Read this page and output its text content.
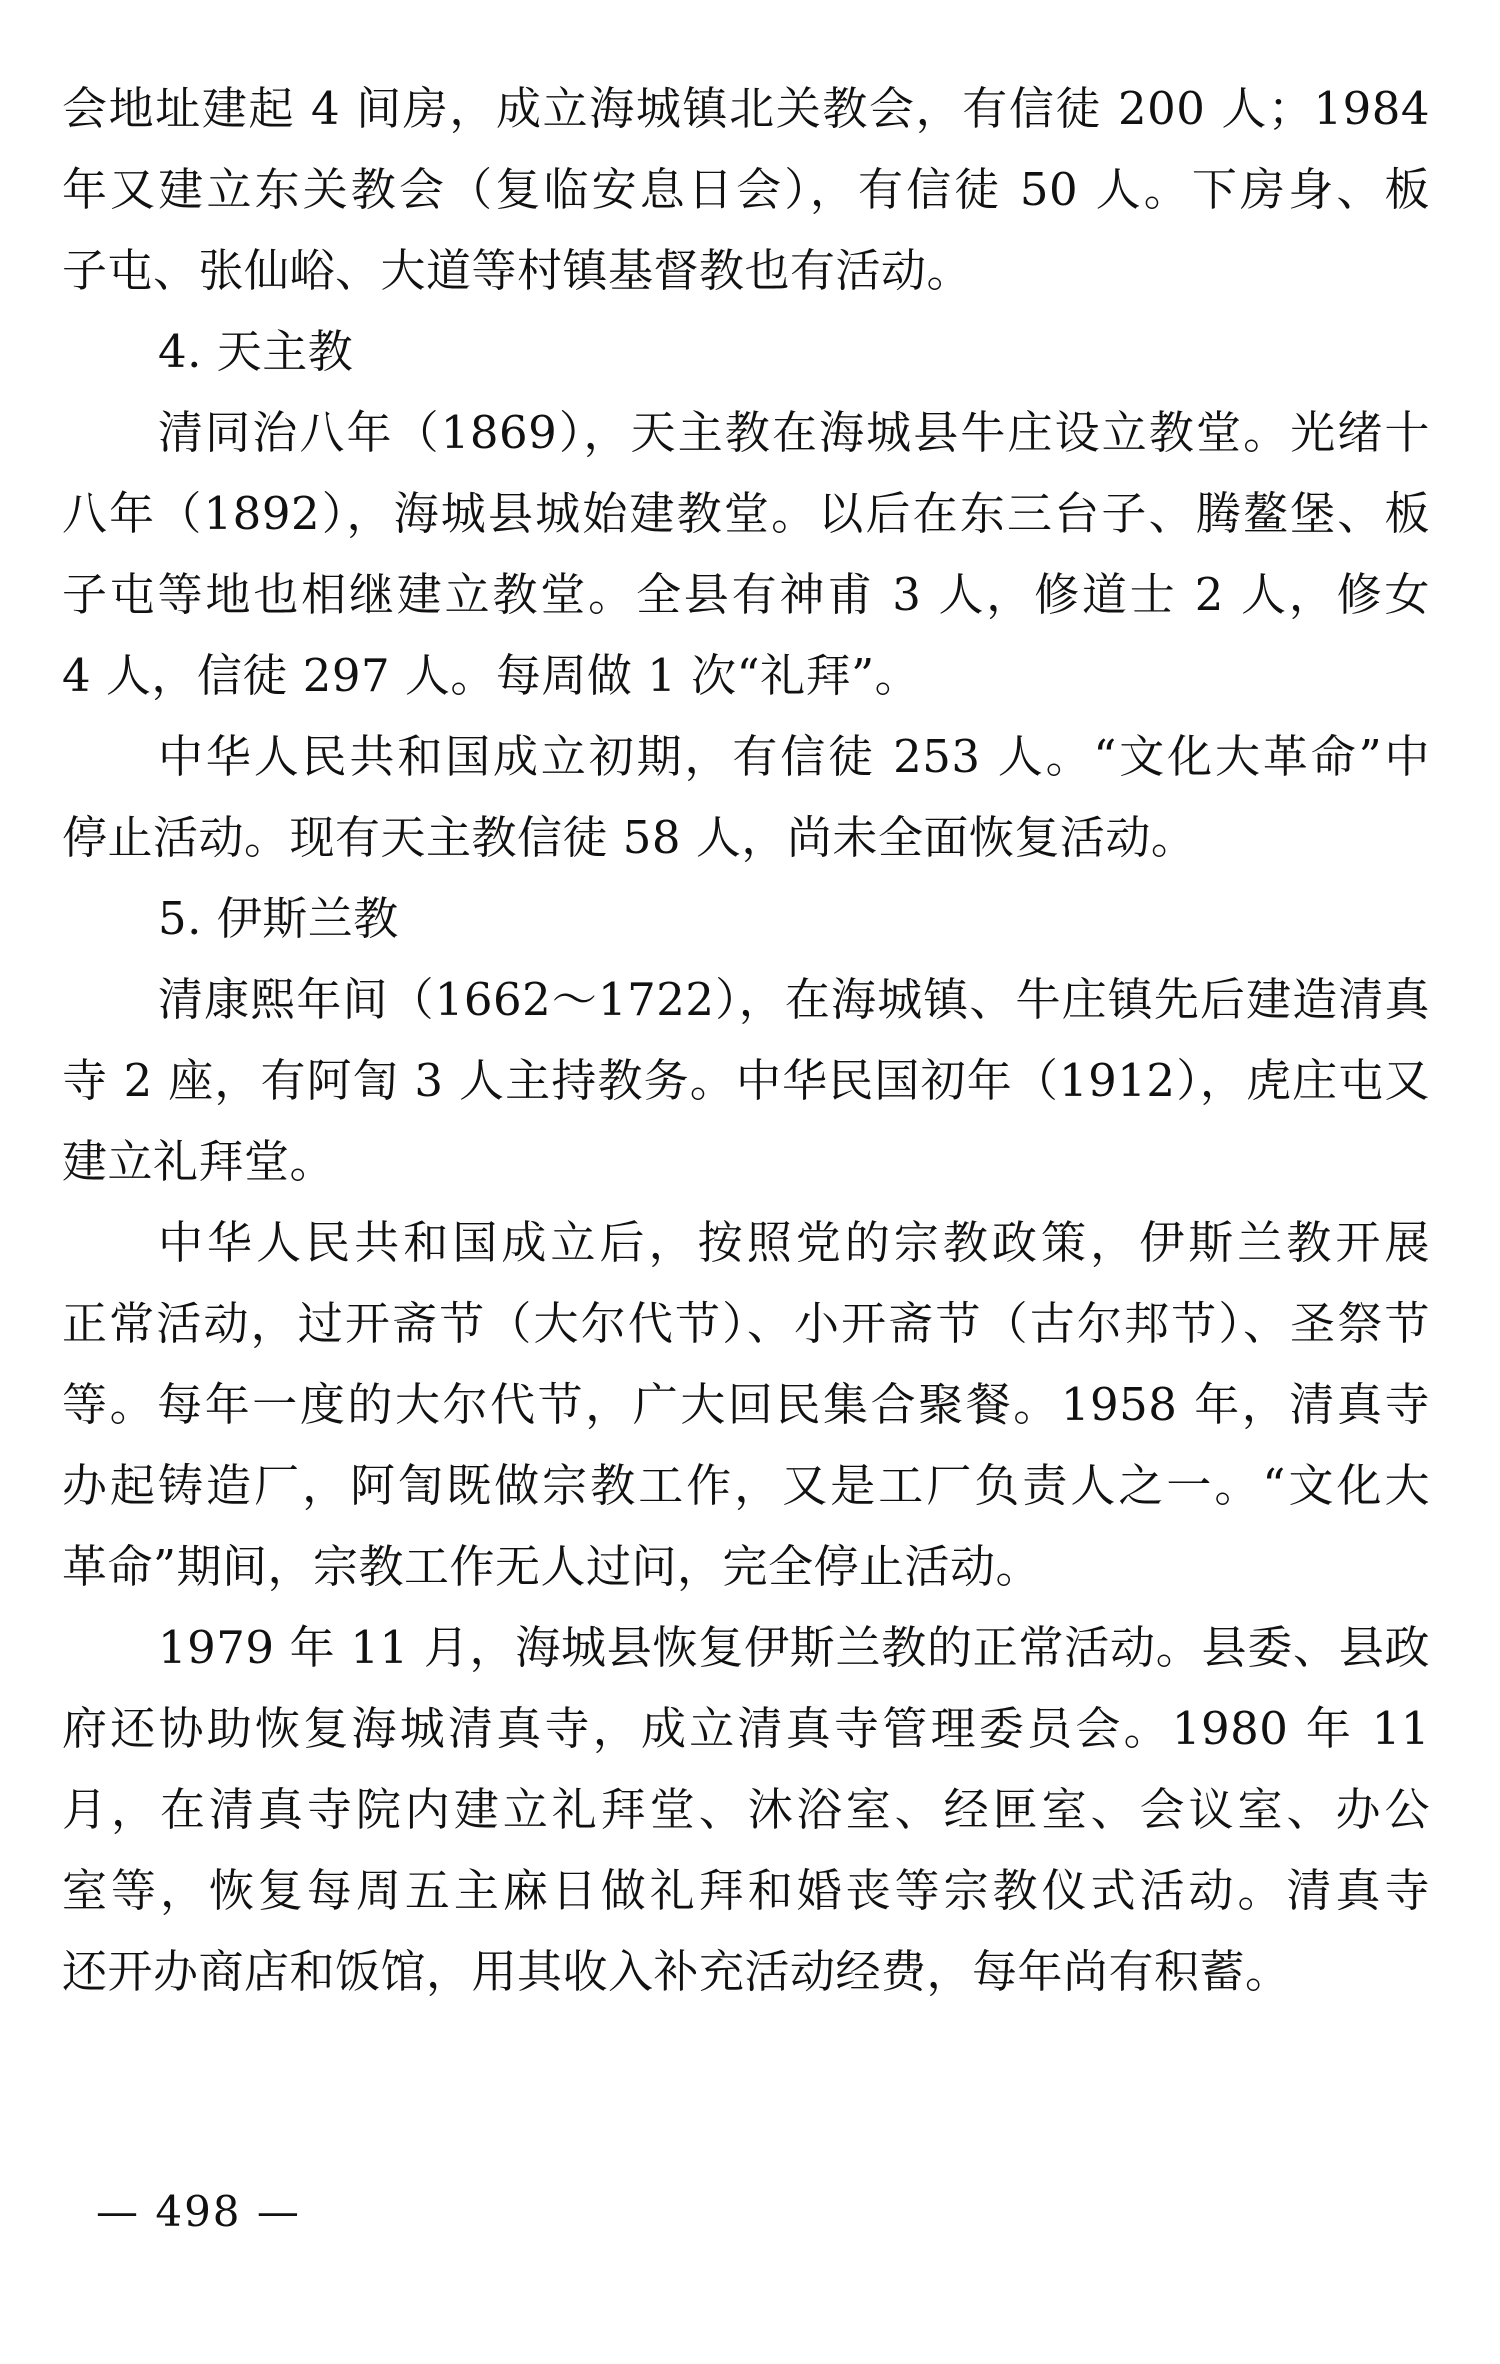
会地址建起 4 间房，成立海城镇北关教会，有信徒 200 人；1984
年又建立东关教会（复临安息日会），有信徒 50 人。下房身、板
子屯、张仙峪、大道等村镇基督教也有活动。
4. 天主教
清同治八年（1869），天主教在海城县牛庄设立教堂。光绪十
八年（1892），海城县城始建教堂。以后在东三台子、腾鳌堡、板
子屯等地也相继建立教堂。全县有神甫 3 人，修道士 2 人，修女
4 人，信徒 297 人。每周做 1 次“礼拜”。
中华人民共和国成立初期，有信徒 253 人。“文化大革命”中
停止活动。现有天主教信徒 58 人，尚未全面恢复活动。
5. 伊斯兰教
清康熙年间（1662～1722），在海城镇、牛庄镇先后建造清真
寺 2 座，有阿訇 3 人主持教务。中华民国初年（1912），虎庄屯又
建立礼拜堂。
中华人民共和国成立后，按照党的宗教政策，伊斯兰教开展
正常活动，过开斋节（大尔代节）、小开斋节（古尔邦节）、圣祭节
等。每年一度的大尔代节，广大回民集合聚餐。1958 年，清真寺
办起铸造厂，阿訇既做宗教工作，又是工厂负责人之一。“文化大
革命”期间，宗教工作无人过问，完全停止活动。
1979 年 11 月，海城县恢复伊斯兰教的正常活动。县委、县政
府还协助恢复海城清真寺，成立清真寺管理委员会。1980 年 11
月，在清真寺院内建立礼拜堂、沐浴室、经匣室、会议室、办公
室等，恢复每周五主麻日做礼拜和婚丧等宗教仪式活动。清真寺
还开办商店和饭馆，用其收入补充活动经费，每年尚有积蓄。
— 498 —
